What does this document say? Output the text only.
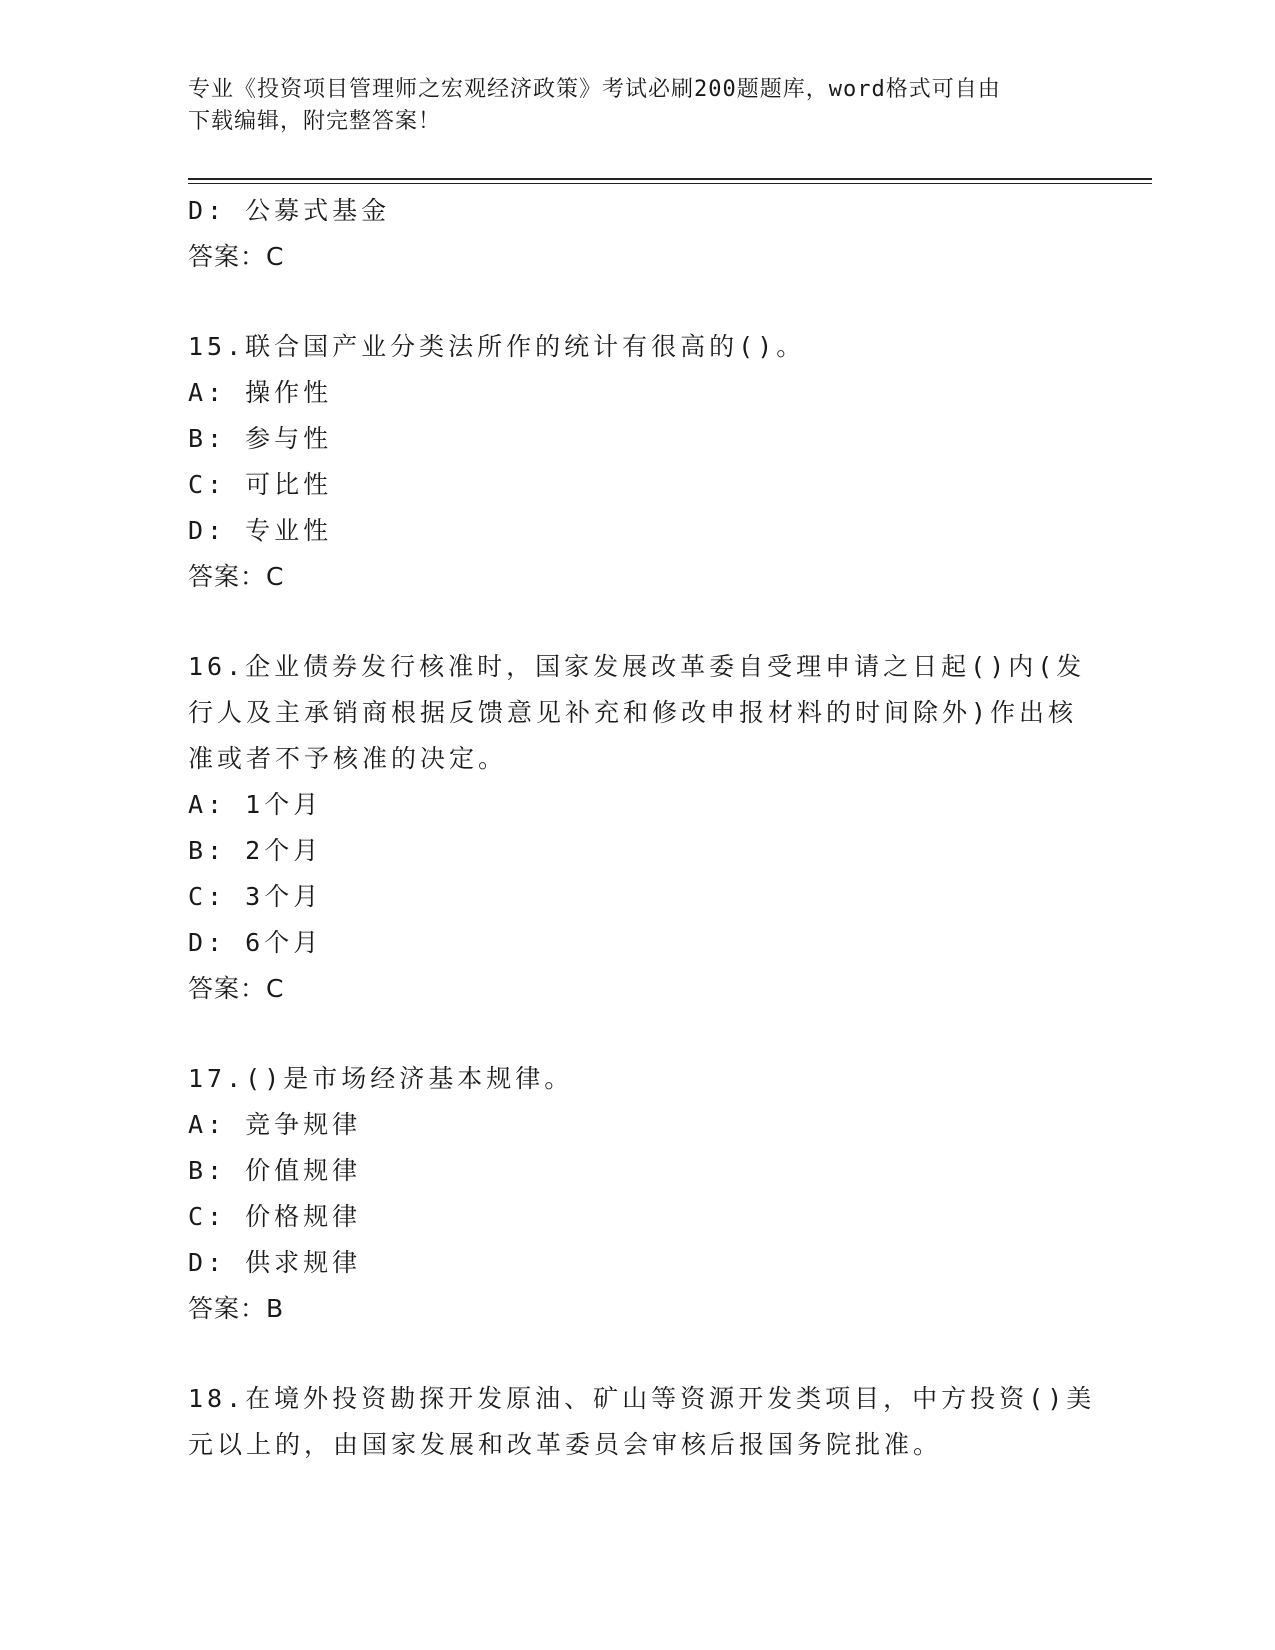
专业《投资项目管理师之宏观经济政策》考试必刷200题题库，word格式可自由
下载编辑，附完整答案！
D: 公募式基金
答案：C
15.联合国产业分类法所作的统计有很高的()。
A: 操作性
B: 参与性
C: 可比性
D: 专业性
答案：C
16.企业债券发行核准时，国家发展改革委自受理申请之日起()内(发
行人及主承销商根据反馈意见补充和修改申报材料的时间除外)作出核
准或者不予核准的决定。
A: 1个月
B: 2个月
C: 3个月
D: 6个月
答案：C
17.()是市场经济基本规律。
A: 竞争规律
B: 价值规律
C: 价格规律
D: 供求规律
答案：B
18.在境外投资勘探开发原油、矿山等资源开发类项目，中方投资()美
元以上的，由国家发展和改革委员会审核后报国务院批准。
